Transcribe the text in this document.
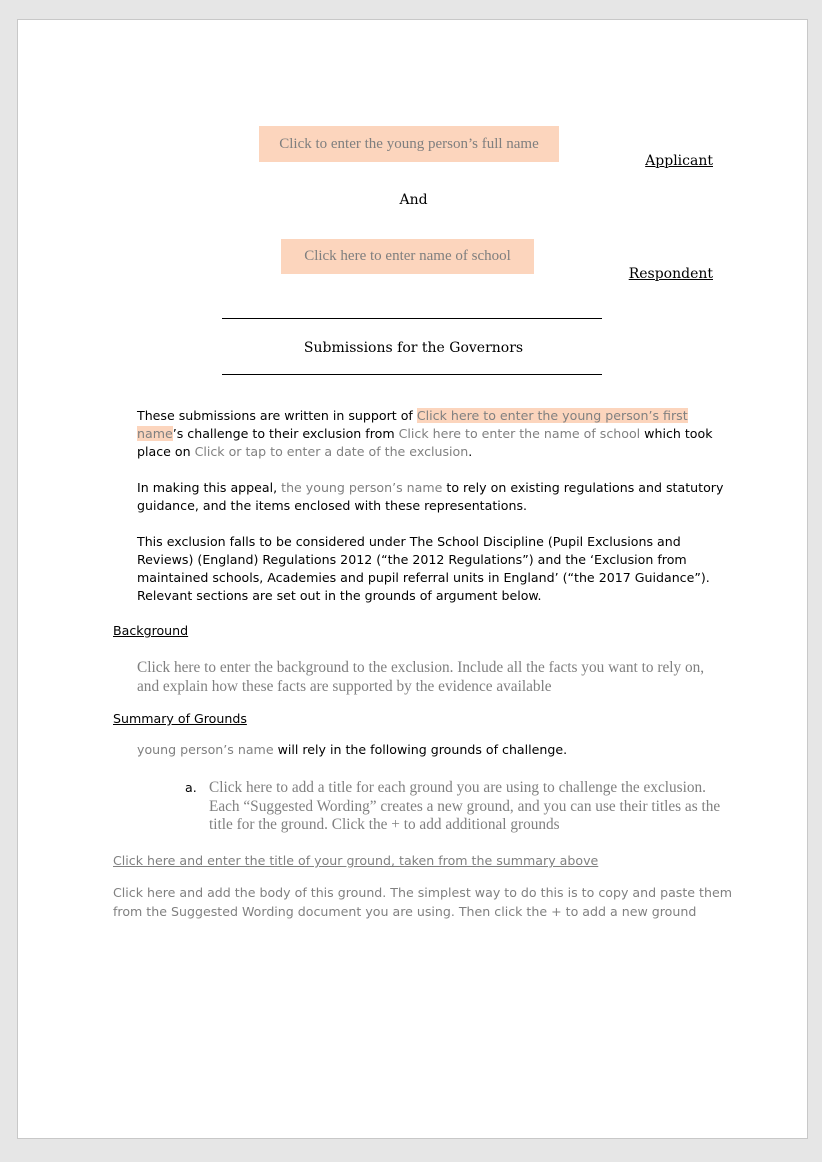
Click to enter the young person’s full name
Applicant
And
Click here to enter name of school
Respondent
Submissions for the Governors
These submissions are written in support of Click here to enter the young person’s first name’s challenge to their exclusion from Click here to enter the name of school which took place on Click or tap to enter a date of the exclusion.
In making this appeal, the young person’s name to rely on existing regulations and statutory guidance, and the items enclosed with these representations.
This exclusion falls to be considered under The School Discipline (Pupil Exclusions and Reviews) (England) Regulations 2012 (“the 2012 Regulations”) and the ‘Exclusion from maintained schools, Academies and pupil referral units in England’ (“the 2017 Guidance”). Relevant sections are set out in the grounds of argument below.
Background
Click here to enter the background to the exclusion. Include all the facts you want to rely on, and explain how these facts are supported by the evidence available
Summary of Grounds
young person’s name will rely in the following grounds of challenge.
a. Click here to add a title for each ground you are using to challenge the exclusion. Each “Suggested Wording” creates a new ground, and you can use their titles as the title for the ground. Click the + to add additional grounds
Click here and enter the title of your ground, taken from the summary above
Click here and add the body of this ground. The simplest way to do this is to copy and paste them from the Suggested Wording document you are using. Then click the + to add a new ground
